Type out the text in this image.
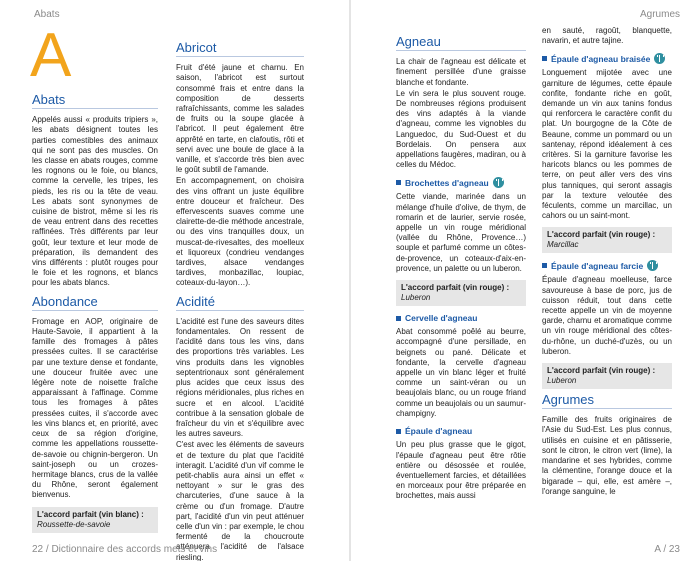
Abats
A
Abats

Appelés aussi « produits tripiers », les abats désignent toutes les parties comestibles des animaux qui ne sont pas des muscles. On les classe en abats rouges, comme les rognons ou le foie, ou blancs, comme la cervelle, les tripes, les pieds, les ris ou la tête de veau. Les abats sont synonymes de cuisine de bistrot, même si les ris de veau entrent dans des recettes raffinées. Très différents par leur goût, leur texture et leur mode de préparation, ils demandent des vins différents : plutôt rouges pour le foie et les rognons, et blancs pour les abats blancs.

Abondance

Fromage en AOP, originaire de Haute-Savoie, il appartient à la famille des fromages à pâtes pressées cuites. Il se caractérise par une texture dense et fondante, une douceur fruitée avec une légère note de noisette fraîche apparaissant à l'affinage. Comme tous les fromages à pâtes pressées cuites, il s'accorde avec les vins blancs et, en priorité, avec ceux de sa région d'origine, comme les appellations roussette-de-savoie ou chignin-bergeron. Un saint-joseph ou un crozes-hermitage blancs, crus de la vallée du Rhône, seront également bienvenus.

L'accord parfait (vin blanc) :
Roussette-de-savoie
Abricot

Fruit d'été jaune et charnu. En saison, l'abricot est surtout consommé frais et entre dans la composition de desserts rafraîchissants, comme les salades de fruits ou la soupe glacée à l'abricot. Il peut également être apprêté en tarte, en clafoutis, rôti et servi avec une boule de glace à la vanille, et s'accorde très bien avec le goût subtil de l'amande.

En accompagnement, on choisira des vins offrant un juste équilibre entre douceur et fraîcheur. Des effervescents suaves comme une clairette-de-die méthode ancestrale, ou des vins tranquilles doux, un muscat-de-rivesaltes, des moelleux et liquoreux (condrieu vendanges tardives, alsace vendanges tardives, monbazillac, loupiac, coteaux-du-layon…).

Acidité

L'acidité est l'une des saveurs dites fondamentales. On ressent de l'acidité dans tous les vins, dans des proportions très variables. Les vins produits dans les vignobles septentrionaux sont généralement plus acides que ceux issus des régions méridionales, plus riches en sucre et en alcool. L'acidité contribue à la sensation globale de fraîcheur du vin et s'équilibre avec les autres saveurs.

C'est avec les éléments de saveurs et de texture du plat que l'acidité interagit. L'acidité d'un vif comme le petit-chablis aura ainsi un effet « nettoyant » sur le gras des charcuteries, d'une sauce à la crème ou d'un fromage. D'autre part, l'acidité d'un vin peut atténuer celle d'un vin : par exemple, le chou fermenté de la choucroute atténuera l'acidité de l'alsace riesling.

22 / Dictionnaire des accords mets et vins
Agrumes
Agneau

La chair de l'agneau est délicate et finement persillée d'une graisse blanche et fondante.

Le vin sera le plus souvent rouge. De nombreuses régions produisent des vins adaptés à la viande d'agneau, comme les vignobles du Languedoc, du Sud-Ouest et du Bordelais. On pensera aux appellations faugères, madiran, ou à celles du Médoc.

Brochettes d'agneau

Cette viande, marinée dans un mélange d'huile d'olive, de thym, de romarin et de laurier, servie rosée, appelle un vin rouge méridional (vallée du Rhône, Provence…) souple et parfumé comme un côtes-de-provence, un coteaux-d'aix-en-provence, un palette ou un luberon.

L'accord parfait (vin rouge) :
Luberon
Cervelle d'agneau

Abat consommé poêlé au beurre, accompagné d'une persillade, en beignets ou pané. Délicate et fondante, la cervelle d'agneau appelle un vin blanc léger et fruité comme un saint-véran ou un beaujolais blanc, ou un rouge friand comme un beaujolais ou un saumur-champigny.

Épaule d'agneau

Un peu plus grasse que le gigot, l'épaule d'agneau peut être rôtie entière ou désossée et roulée, éventuellement farcies, et détaillées en morceaux pour être préparée en brochettes, mais aussi

en sauté, ragoût, blanquette, navarin, et autre tajine.

Épaule d'agneau braisée

Longuement mijotée avec une garniture de légumes, cette épaule confite, fondante riche en goût, demande un vin aux tanins fondus qui renforcera le caractère confit du plat. Un bourgogne de la Côte de Beaune, comme un pommard ou un santenay, répond idéalement à ces critères. Si la garniture favorise les haricots blancs ou les pommes de terre, on peut aller vers des vins plus tanniques, qui seront assagis par la texture veloutée des féculents, comme un marcillac, un cahors ou un saint-mont.

L'accord parfait (vin rouge) :
Marcillac
Épaule d'agneau farcie

Épaule d'agneau moelleuse, farce savoureuse à base de porc, jus de cuisson réduit, tout dans cette recette appelle un vin de moyenne garde, charnu et aromatique comme un vin rouge méridional des côtes-du-rhône, un duché-d'uzès, ou un luberon.

L'accord parfait (vin rouge) :
Luberon
Agrumes

Famille des fruits originaires de l'Asie du Sud-Est. Les plus connus, utilisés en cuisine et en pâtisserie, sont le citron, le citron vert (lime), la mandarine et ses hybrides, comme la clémentine, l'orange douce et la bigarade – qui, elle, est amère –, l'orange sanguine, le

A / 23
